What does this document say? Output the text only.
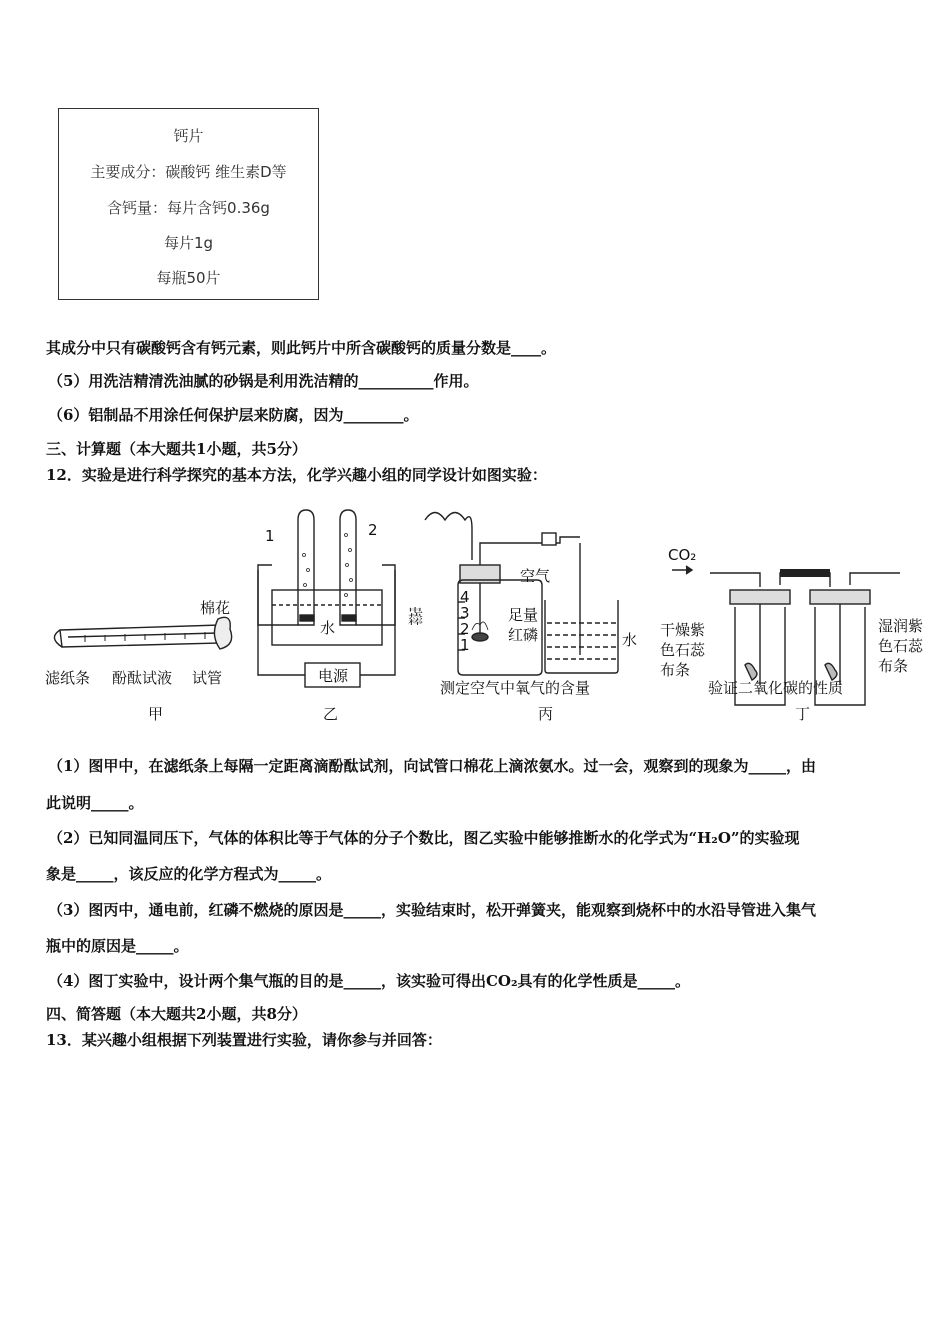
钙片
主要成分：碳酸钙 维生素D等
含钙量：每片含钙0.36g
每片1g
每瓶50片
其成分中只有碳酸钙含有钙元素，则此钙片中所含碳酸钙的质量分数是____。
（5）用洗洁精清洗油腻的砂锅是利用洗洁精的__________作用。
（6）铝制品不用涂任何保护层来防腐，因为________。
三、计算题（本大题共1小题，共5分）
12．实验是进行科学探究的基本方法，化学兴趣小组的同学设计如图实验：
棉花
滤纸条 酚酞试液 试管
甲
1	2
水
电源
乙
电热棒
空气
足量
红磷	水
4
3
2
1
测定空气中氧气的含量
丙
CO₂
干燥紫
色石蕊
布条
湿润紫
色石蕊
布条
验证二氧化碳的性质
丁
（1）图甲中，在滤纸条上每隔一定距离滴酚酞试剂，向试管口棉花上滴浓氨水。过一会，观察到的现象为_____，由
此说明_____。
（2）已知同温同压下，气体的体积比等于气体的分子个数比，图乙实验中能够推断水的化学式为“H₂O”的实验现
象是_____，该反应的化学方程式为_____。
（3）图丙中，通电前，红磷不燃烧的原因是_____，实验结束时，松开弹簧夹，能观察到烧杯中的水沿导管进入集气
瓶中的原因是_____。
（4）图丁实验中，设计两个集气瓶的目的是_____，该实验可得出CO₂具有的化学性质是_____。
四、简答题（本大题共2小题，共8分）
13．某兴趣小组根据下列装置进行实验，请你参与并回答：
